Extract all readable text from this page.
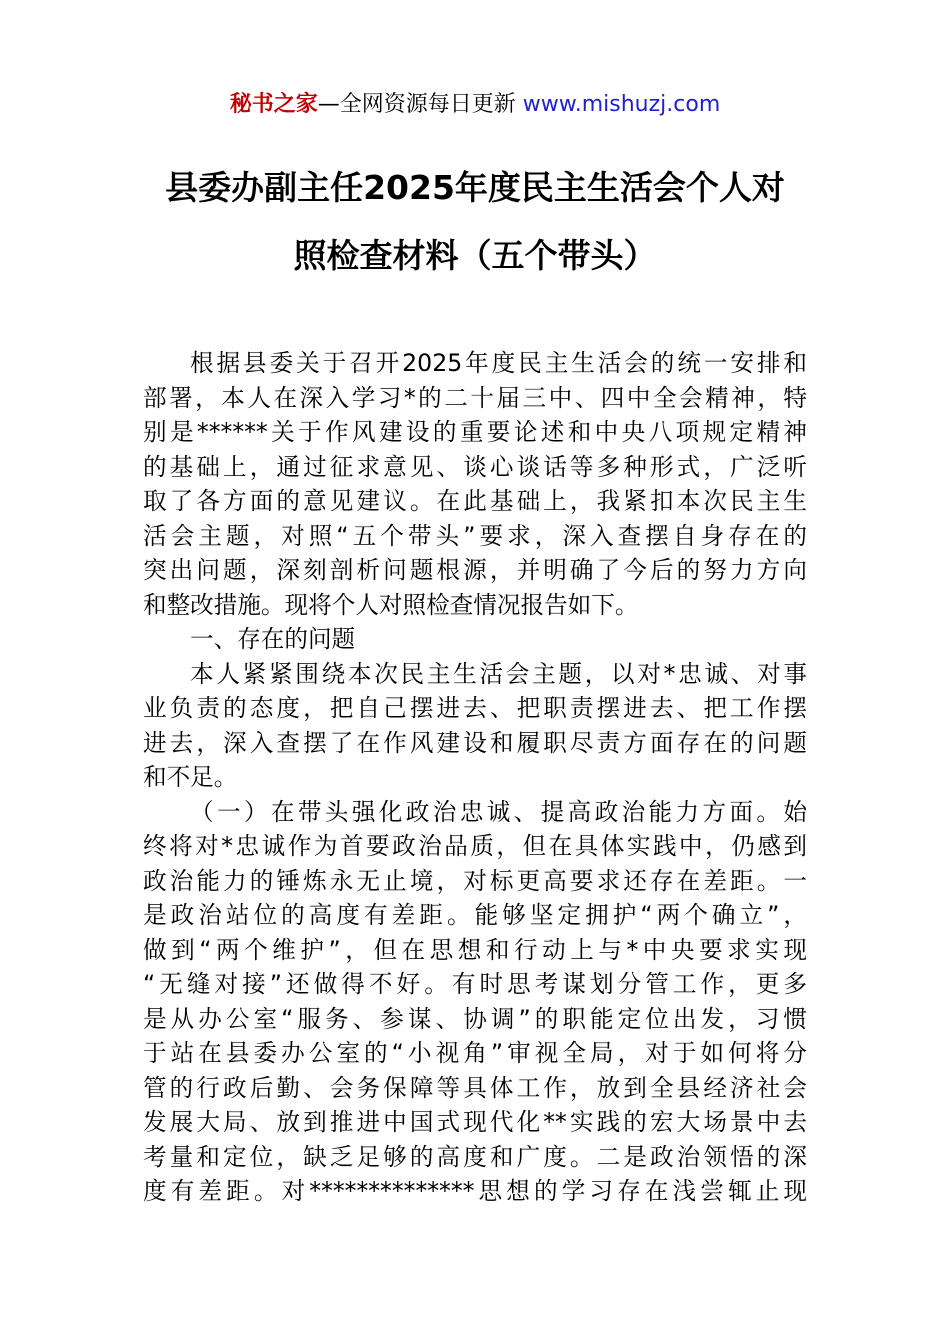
秘书之家—全网资源每日更新 www.mishuzj.com
县委办副主任2025年度民主生活会个人对
照检查材料（五个带头）
根据县委关于召开2025年度民主生活会的统一安排和
部署，本人在深入学习*的二十届三中、四中全会精神，特
别是******关于作风建设的重要论述和中央八项规定精神
的基础上，通过征求意见、谈心谈话等多种形式，广泛听
取了各方面的意见建议。在此基础上，我紧扣本次民主生
活会主题，对照“五个带头”要求，深入查摆自身存在的
突出问题，深刻剖析问题根源，并明确了今后的努力方向
和整改措施。现将个人对照检查情况报告如下。
一、存在的问题
本人紧紧围绕本次民主生活会主题，以对*忠诚、对事
业负责的态度，把自己摆进去、把职责摆进去、把工作摆
进去，深入查摆了在作风建设和履职尽责方面存在的问题
和不足。
（一）在带头强化政治忠诚、提高政治能力方面。始
终将对*忠诚作为首要政治品质，但在具体实践中，仍感到
政治能力的锤炼永无止境，对标更高要求还存在差距。一
是政治站位的高度有差距。能够坚定拥护“两个确立”，
做到“两个维护”，但在思想和行动上与*中央要求实现
“无缝对接”还做得不好。有时思考谋划分管工作，更多
是从办公室“服务、参谋、协调”的职能定位出发，习惯
于站在县委办公室的“小视角”审视全局，对于如何将分
管的行政后勤、会务保障等具体工作，放到全县经济社会
发展大局、放到推进中国式现代化**实践的宏大场景中去
考量和定位，缺乏足够的高度和广度。二是政治领悟的深
度有差距。对**************思想的学习存在浅尝辄止现
